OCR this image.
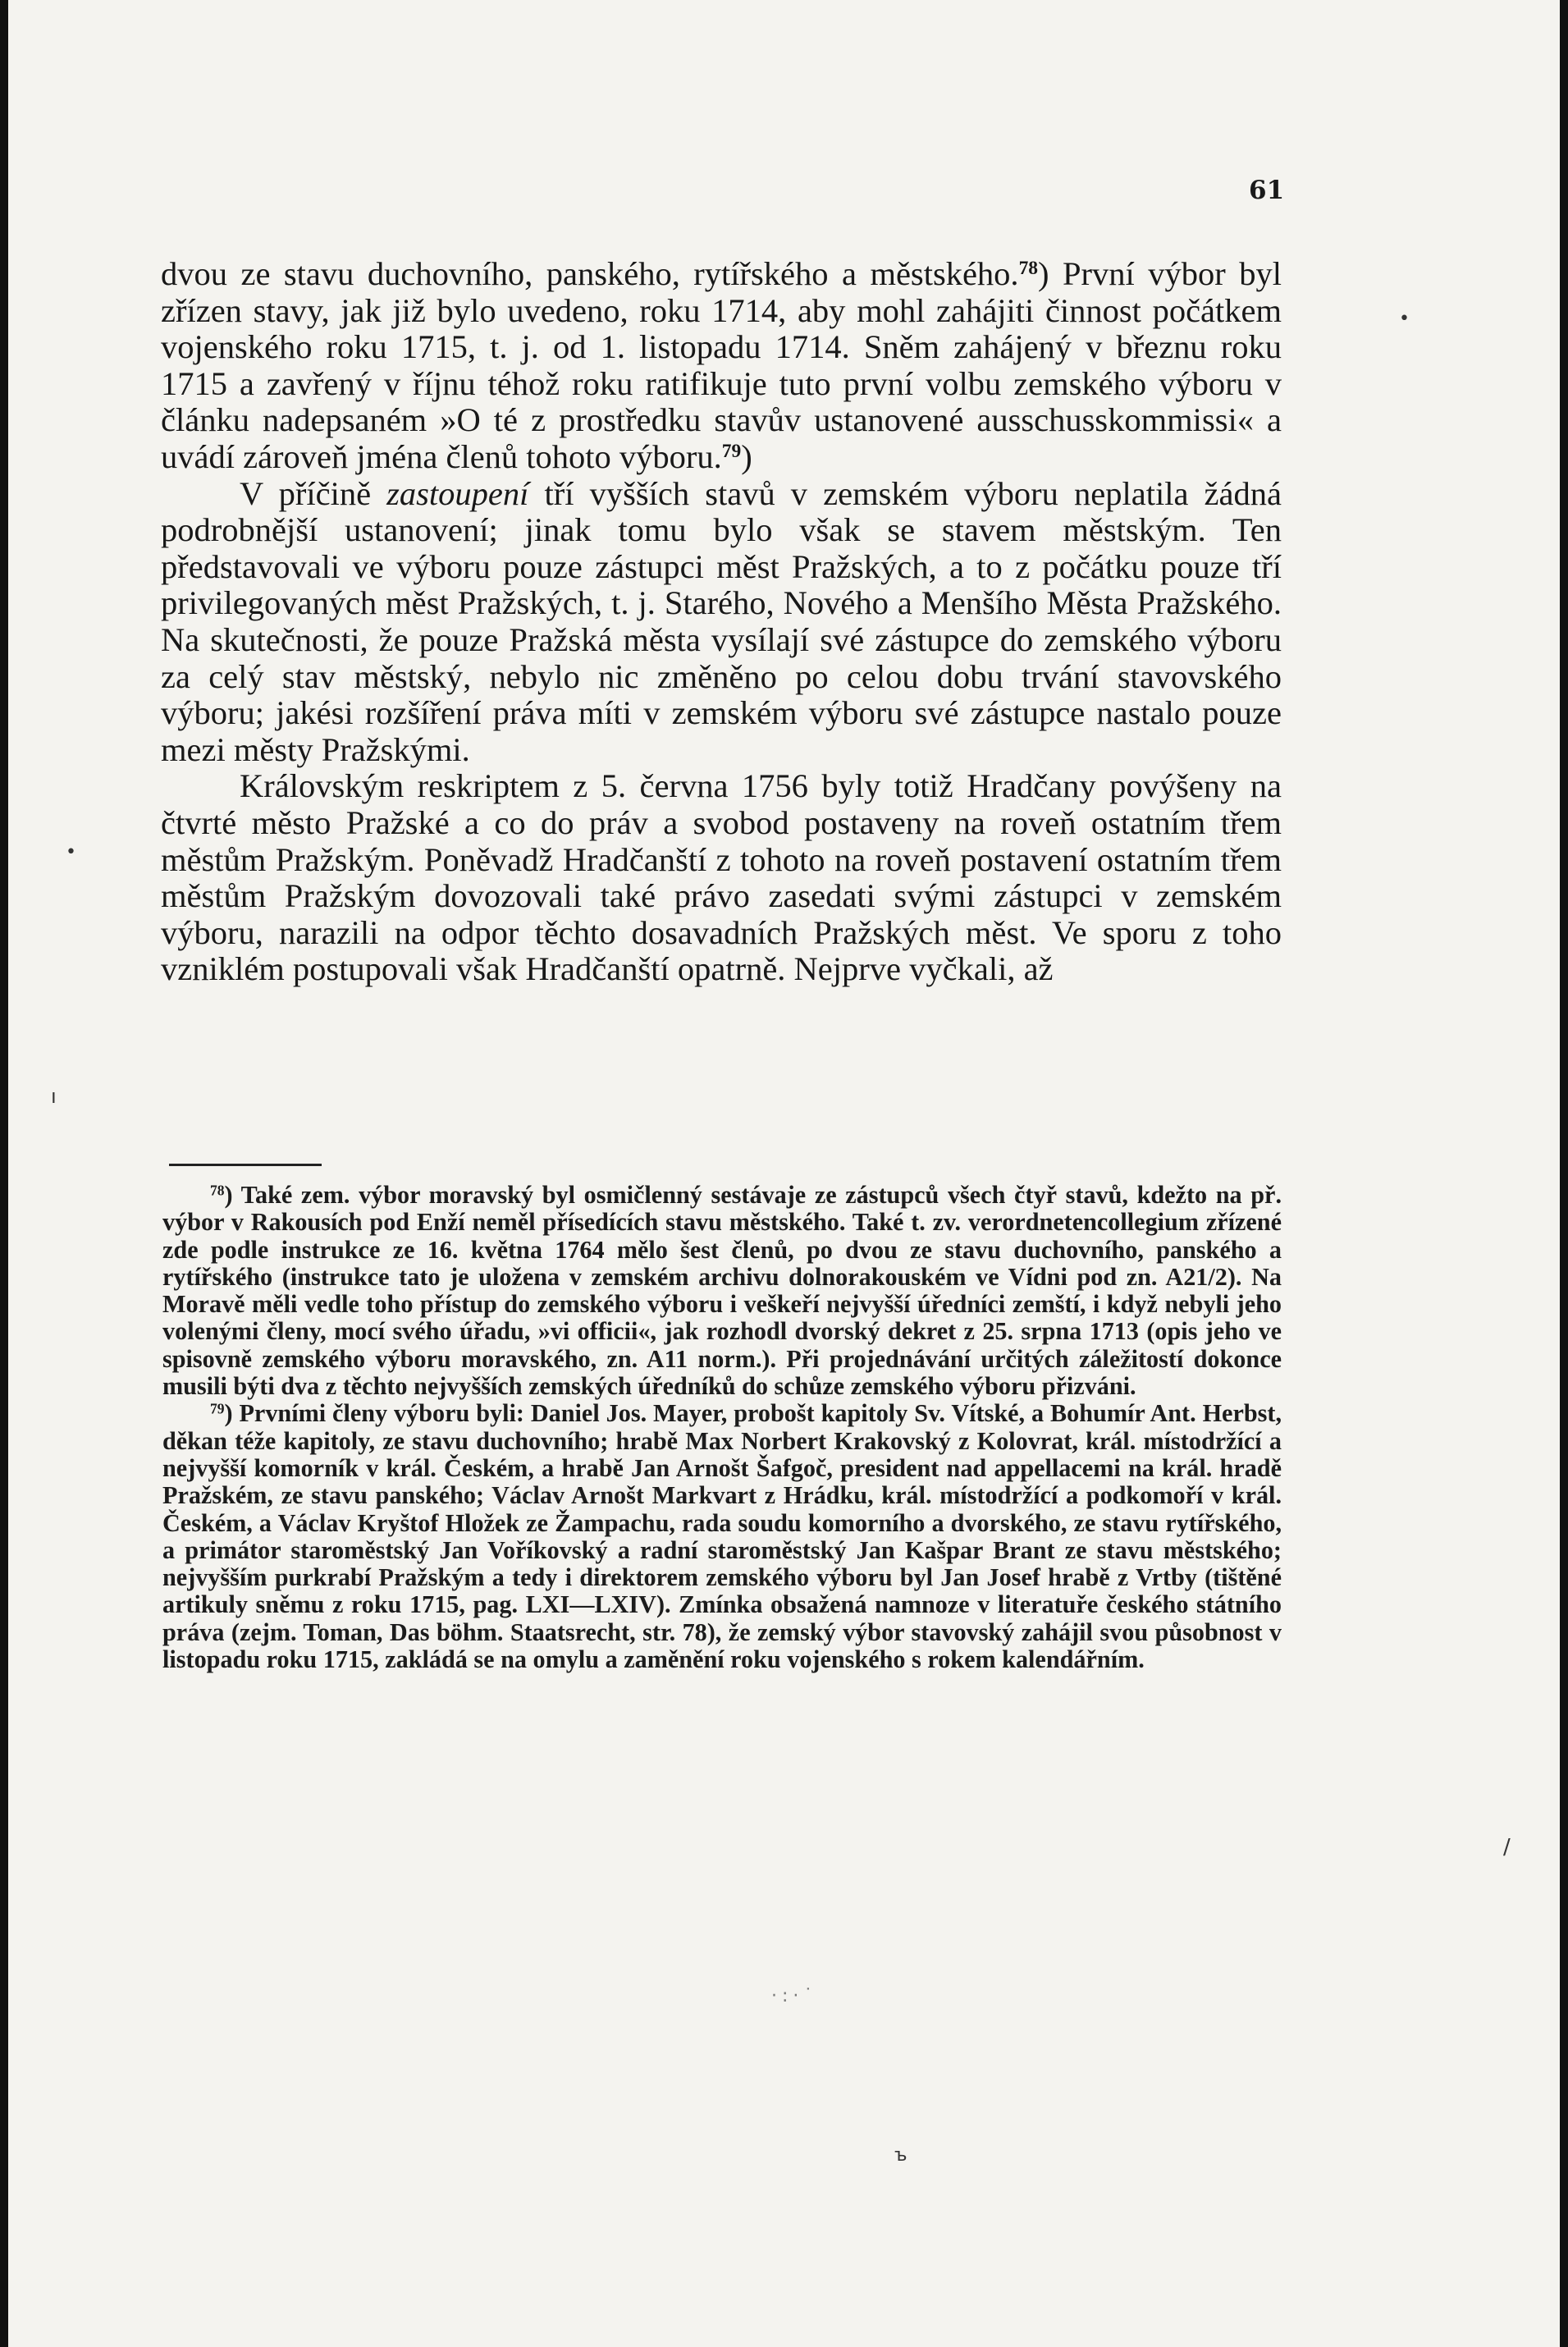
61

dvou ze stavu duchovního, panského, rytířského a městského.$^{78}$) První výbor byl zřízen stavy, jak již bylo uvedeno, roku 1714, aby mohl zahájiti činnost počátkem vojenského roku 1715, t. j. od 1. listopadu 1714. Sněm zahájený v březnu roku 1715 a zavřený v říjnu téhož roku ratifikuje tuto první volbu zemského výboru v článku nadepsaném »O té z prostředku stavův ustanovené ausschusskommissi« a uvádí zároveň jména členů tohoto výboru.$^{79}$)

V příčině zastoupení tří vyšších stavů v zemském výboru neplatila žádná podrobnější ustanovení; jinak tomu bylo však se stavem městským. Ten představovali ve výboru pouze zástupci měst Pražských, a to z počátku pouze tří privilegovaných měst Pražských, t. j. Starého, Nového a Menšího Města Pražského. Na skutečnosti, že pouze Pražská města vysílají své zástupce do zemského výboru za celý stav městský, nebylo nic změněno po celou dobu trvání stavovského výboru; jakési rozšíření práva míti v zemském výboru své zástupce nastalo pouze mezi městy Pražskými.

Královským reskriptem z 5. června 1756 byly totiž Hradčany povýšeny na čtvrté město Pražské a co do práv a svobod postaveny na roveň ostatním třem městům Pražským. Poněvadž Hradčanští z tohoto na roveň postavení ostatním třem městům Pražským dovozovali také právo zasedati svými zástupci v zemském výboru, narazili na odpor těchto dosavadních Pražských měst. Ve sporu z toho vzniklém postupovali však Hradčanští opatrně. Nejprve vyčkali, až

$^{78}$) Také zem. výbor moravský byl osmičlenný sestávaje ze zástupců všech čtyř stavů, kdežto na př. výbor v Rakousích pod Enží neměl přísedících stavu městského. Také t. zv. verordnetencollegium zřízené zde podle instrukce ze 16. května 1764 mělo šest členů, po dvou ze stavu duchovního, panského a rytířského (instrukce tato je uložena v zemském archivu dolnorakouském ve Vídni pod zn. A21/2). Na Moravě měli vedle toho přístup do zemského výboru i veškeří nejvyšší úředníci zemští, i když nebyli jeho volenými členy, mocí svého úřadu, »vi officii«, jak rozhodl dvorský dekret z 25. srpna 1713 (opis jeho ve spisovně zemského výboru moravského, zn. A11 norm.). Při projednávání určitých záležitostí dokonce musili býti dva z těchto nejvyšších zemských úředníků do schůze zemského výboru přizváni.

$^{79}$) Prvními členy výboru byli: Daniel Jos. Mayer, probošt kapitoly Sv. Vítské, a Bohumír Ant. Herbst, děkan téže kapitoly, ze stavu duchovního; hrabě Max Norbert Krakovský z Kolovrat, král. místodržící a nejvyšší komorník v král. Českém, a hrabě Jan Arnošt Šafgoč, president nad appellacemi na král. hradě Pražském, ze stavu panského; Václav Arnošt Markvart z Hrádku, král. místodržící a podkomoří v král. Českém, a Václav Kryštof Hložek ze Žampachu, rada soudu komorního a dvorského, ze stavu rytířského, a primátor staroměstský Jan Voříkovský a radní staroměstský Jan Kašpar Brant ze stavu městského; nejvyšším purkrabí Pražským a tedy i direktorem zemského výboru byl Jan Josef hrabě z Vrtby (tištěné artikuly sněmu z roku 1715, pag. LXI—LXIV). Zmínka obsažená namnoze v literatuře českého státního práva (zejm. Toman, Das böhm. Staatsrecht, str. 78), že zemský výbor stavovský zahájil svou působnost v listopadu roku 1715, zakládá se na omylu a zaměnění roku vojenského s rokem kalendářním.

•
•
ı
/
·:·˙
ъ
